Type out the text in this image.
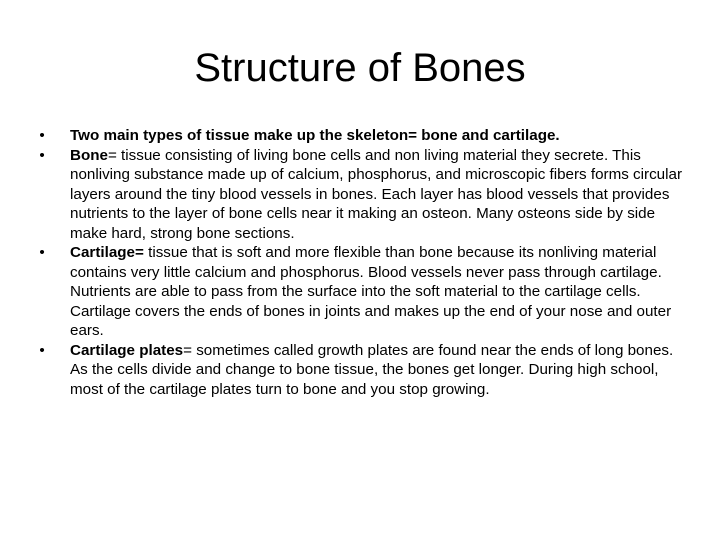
Structure of Bones
•	Two main types of tissue make up the skeleton= bone and cartilage.
•	Bone= tissue consisting of living bone cells and non living material they secrete. This nonliving substance made up of calcium, phosphorus, and microscopic fibers forms circular layers around the tiny blood vessels in bones. Each layer has blood vessels that provides nutrients to the layer of bone cells near it making an osteon. Many osteons side by side make hard, strong bone sections.
•	Cartilage= tissue that is soft and more flexible than bone because its nonliving material contains very little calcium and phosphorus. Blood vessels never pass through cartilage. Nutrients are able to pass from the surface into the soft material to the cartilage cells. Cartilage covers the ends of bones in joints and makes up the end of your nose and outer ears.
•	Cartilage plates= sometimes called growth plates are found near the ends of long bones. As the cells divide and change to bone tissue, the bones get longer. During high school, most of the cartilage plates turn to bone and you stop growing.
